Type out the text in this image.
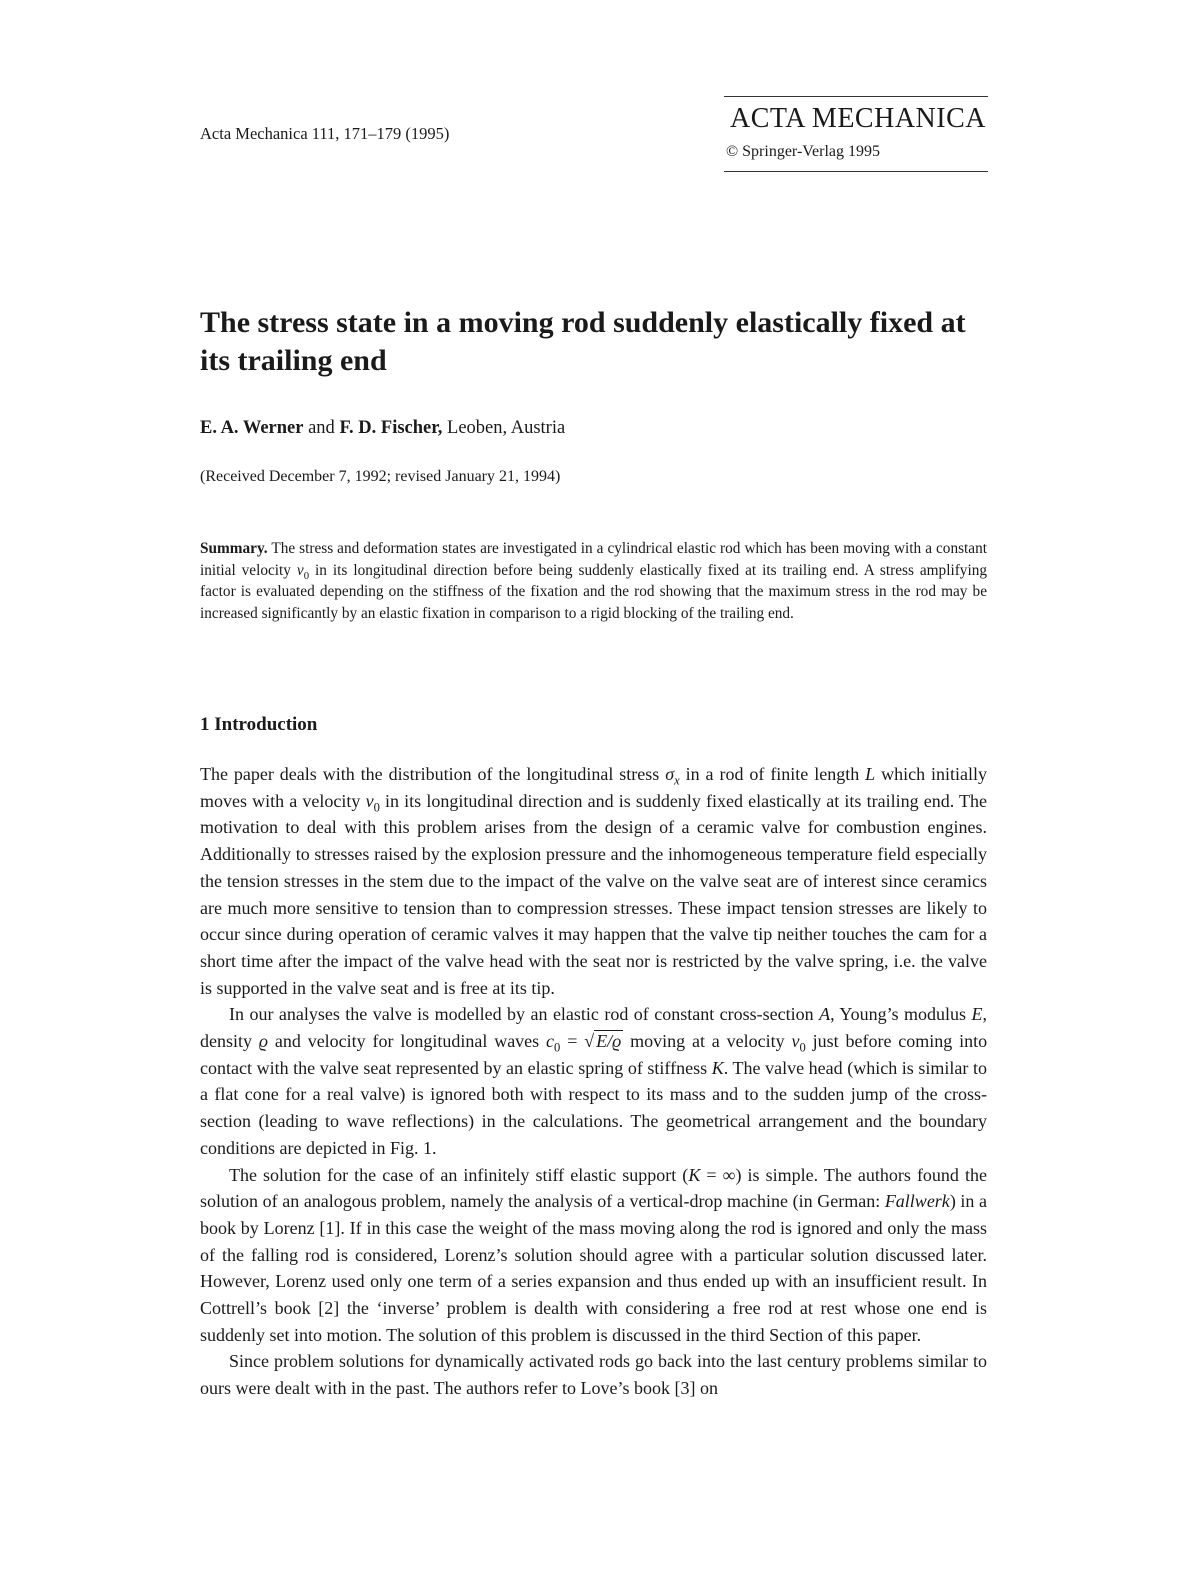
Acta Mechanica 111, 171–179 (1995)	ACTA MECHANICA
© Springer-Verlag 1995
The stress state in a moving rod suddenly elastically fixed at its trailing end
E. A. Werner and F. D. Fischer, Leoben, Austria
(Received December 7, 1992; revised January 21, 1994)
Summary. The stress and deformation states are investigated in a cylindrical elastic rod which has been moving with a constant initial velocity $v_0$ in its longitudinal direction before being suddenly elastically fixed at its trailing end. A stress amplifying factor is evaluated depending on the stiffness of the fixation and the rod showing that the maximum stress in the rod may be increased significantly by an elastic fixation in comparison to a rigid blocking of the trailing end.
1 Introduction

The paper deals with the distribution of the longitudinal stress $\sigma_x$ in a rod of finite length L which initially moves with a velocity $v_0$ in its longitudinal direction and is suddenly fixed elastically at its trailing end. The motivation to deal with this problem arises from the design of a ceramic valve for combustion engines. Additionally to stresses raised by the explosion pressure and the inhomogeneous temperature field especially the tension stresses in the stem due to the impact of the valve on the valve seat are of interest since ceramics are much more sensitive to tension than to compression stresses. These impact tension stresses are likely to occur since during operation of ceramic valves it may happen that the valve tip neither touches the cam for a short time after the impact of the valve head with the seat nor is restricted by the valve spring, i.e. the valve is supported in the valve seat and is free at its tip.

In our analyses the valve is modelled by an elastic rod of constant cross-section A, Young’s modulus E, density ϱ and velocity for longitudinal waves $c_0$ = √ E/ϱ moving at a velocity $v_0$ just before coming into contact with the valve seat represented by an elastic spring of stiffness K. The valve head (which is similar to a flat cone for a real valve) is ignored both with respect to its mass and to the sudden jump of the cross-section (leading to wave reflections) in the calculations. The geometrical arrangement and the boundary conditions are depicted in Fig. 1.

The solution for the case of an infinitely stiff elastic support (K = ∞) is simple. The authors found the solution of an analogous problem, namely the analysis of a vertical-drop machine (in German: Fallwerk) in a book by Lorenz [1]. If in this case the weight of the mass moving along the rod is ignored and only the mass of the falling rod is considered, Lorenz’s solution should agree with a particular solution discussed later. However, Lorenz used only one term of a series expansion and thus ended up with an insufficient result. In Cottrell’s book [2] the ‘inverse’ problem is dealth with considering a free rod at rest whose one end is suddenly set into motion. The solution of this problem is discussed in the third Section of this paper.

Since problem solutions for dynamically activated rods go back into the last century problems similar to ours were dealt with in the past. The authors refer to Love’s book [3] on
